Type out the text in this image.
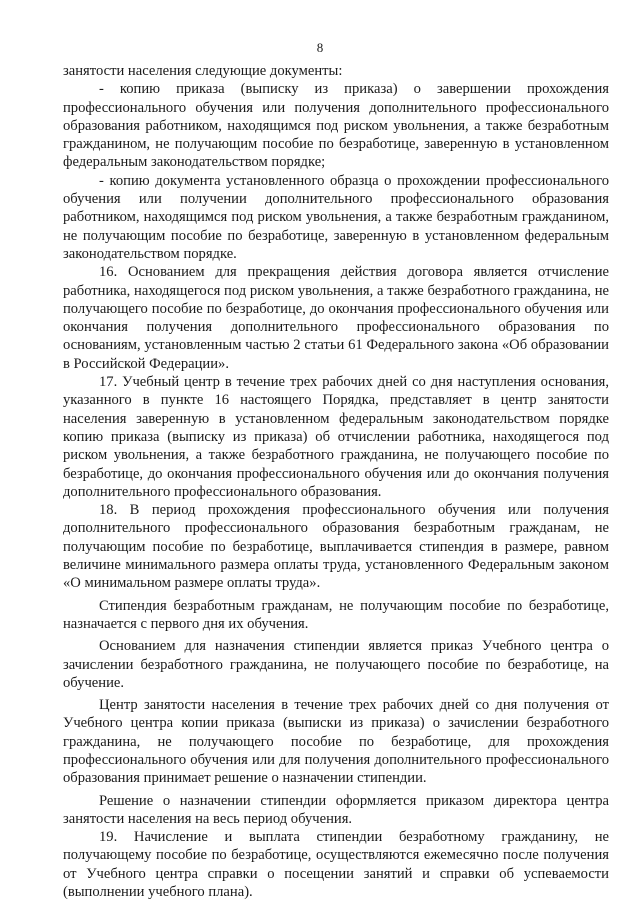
8

занятости населения следующие документы:

- копию приказа (выписку из приказа) о завершении прохождения профессионального обучения или получения дополнительного профессионального образования работником, находящимся под риском увольнения, а также безработным гражданином, не получающим пособие по безработице, заверенную в установленном федеральным законодательством порядке;

- копию документа установленного образца о прохождении профессионального обучения или получении дополнительного профессионального образования работником, находящимся под риском увольнения, а также безработным гражданином, не получающим пособие по безработице, заверенную в установленном федеральным законодательством порядке.

16. Основанием для прекращения действия договора является отчисление работника, находящегося под риском увольнения, а также безработного гражданина, не получающего пособие по безработице, до окончания профессионального обучения или окончания получения дополнительного профессионального образования по основаниям, установленным частью 2 статьи 61 Федерального закона «Об образовании в Российской Федерации».

17. Учебный центр в течение трех рабочих дней со дня наступления основания, указанного в пункте 16 настоящего Порядка, представляет в центр занятости населения заверенную в установленном федеральным законодательством порядке копию приказа (выписку из приказа) об отчислении работника, находящегося под риском увольнения, а также безработного гражданина, не получающего пособие по безработице, до окончания профессионального обучения или до окончания получения дополнительного профессионального образования.

18. В период прохождения профессионального обучения или получения дополнительного профессионального образования безработным гражданам, не получающим пособие по безработице, выплачивается стипендия в размере, равном величине минимального размера оплаты труда, установленного Федеральным законом «О минимальном размере оплаты труда».

Стипендия безработным гражданам, не получающим пособие по безработице, назначается с первого дня их обучения.

Основанием для назначения стипендии является приказ Учебного центра о зачислении безработного гражданина, не получающего пособие по безработице, на обучение.

Центр занятости населения в течение трех рабочих дней со дня получения от Учебного центра копии приказа (выписки из приказа) о зачислении безработного гражданина, не получающего пособие по безработице, для прохождения профессионального обучения или для получения дополнительного профессионального образования принимает решение о назначении стипендии.

Решение о назначении стипендии оформляется приказом директора центра занятости населения на весь период обучения.

19. Начисление и выплата стипендии безработному гражданину, не получающему пособие по безработице, осуществляются ежемесячно после получения от Учебного центра справки о посещении занятий и справки об успеваемости (выполнении учебного плана).
